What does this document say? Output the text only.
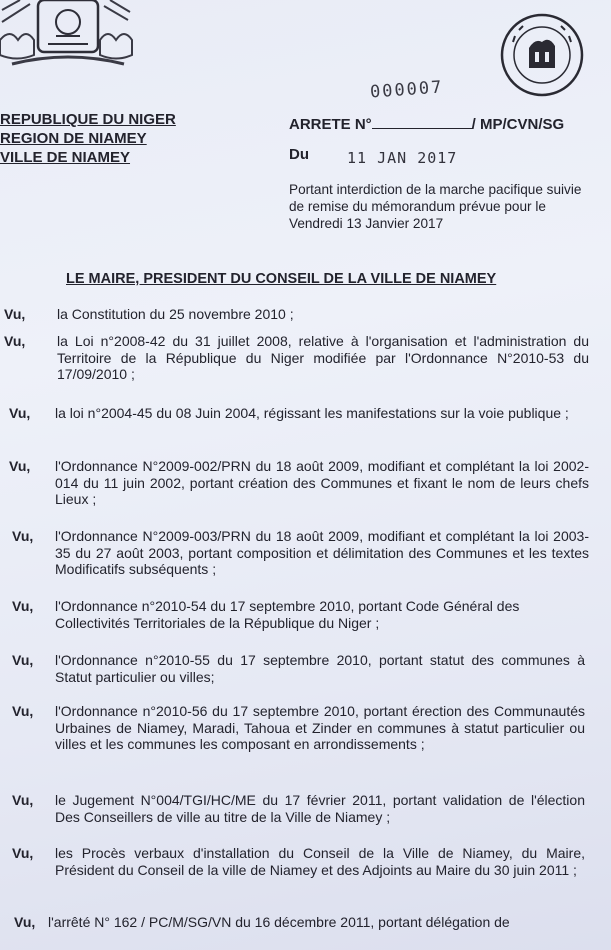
REPUBLIQUE DU NIGER
REGION DE NIAMEY
VILLE DE NIAMEY
000007
ARRETE N°	/ MP/CVN/SG
Du	11 JAN 2017
Portant interdiction de la marche pacifique suivie de remise du mémorandum prévue pour le Vendredi 13 Janvier 2017
LE MAIRE, PRESIDENT DU CONSEIL DE LA VILLE DE NIAMEY
Vu, la Constitution du 25 novembre 2010 ;
Vu, la Loi n°2008-42 du 31 juillet 2008, relative à l'organisation et l'administration du Territoire de la République du Niger modifiée par l'Ordonnance N°2010-53 du 17/09/2010 ;
Vu, la loi n°2004-45 du 08 Juin 2004, régissant les manifestations sur la voie publique ;
Vu, l'Ordonnance N°2009-002/PRN du 18 août 2009, modifiant et complétant la loi 2002- 014 du 11 juin 2002, portant création des Communes et fixant le nom de leurs chefs Lieux ;
Vu, l'Ordonnance N°2009-003/PRN du 18 août 2009, modifiant et complétant la loi 2003- 35 du 27 août 2003, portant composition et délimitation des Communes et les textes Modificatifs subséquents ;
Vu, l'Ordonnance n°2010-54 du 17 septembre 2010, portant Code Général des Collectivités Territoriales de la République du Niger ;
Vu, l'Ordonnance n°2010-55 du 17 septembre 2010, portant statut des communes à Statut particulier ou villes;
Vu, l'Ordonnance n°2010-56 du 17 septembre 2010, portant érection des Communautés Urbaines de Niamey, Maradi, Tahoua et Zinder en communes à statut particulier ou villes et les communes les composant en arrondissements ;
Vu, le Jugement N°004/TGI/HC/ME du 17 février 2011, portant validation de l'élection Des Conseillers de ville au titre de la Ville de Niamey ;
Vu, les Procès verbaux d'installation du Conseil de la Ville de Niamey, du Maire, Président du Conseil de la ville de Niamey et des Adjoints au Maire du 30 juin 2011 ;
Vu, l'arrêté N° 162 / PC/M/SG/VN du 16 décembre 2011, portant délégation de
